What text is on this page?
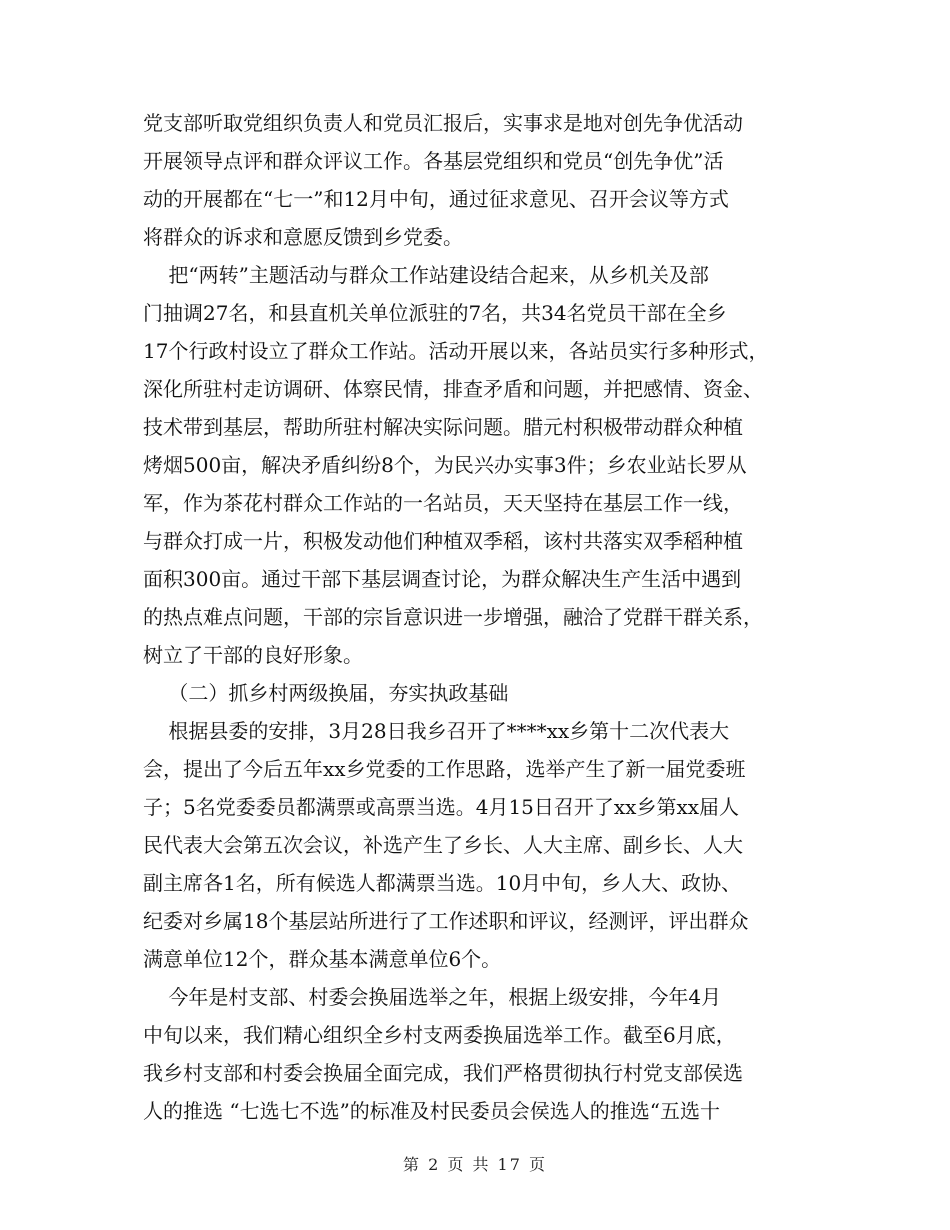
党支部听取党组织负责人和党员汇报后，实事求是地对创先争优活动
开展领导点评和群众评议工作。各基层党组织和党员“创先争优”活
动的开展都在“七一”和12月中旬，通过征求意见、召开会议等方式
将群众的诉求和意愿反馈到乡党委。
把“两转”主题活动与群众工作站建设结合起来，从乡机关及部
门抽调27名，和县直机关单位派驻的7名，共34名党员干部在全乡
17个行政村设立了群众工作站。活动开展以来，各站员实行多种形式，
深化所驻村走访调研、体察民情，排查矛盾和问题，并把感情、资金、
技术带到基层，帮助所驻村解决实际问题。腊元村积极带动群众种植
烤烟500亩，解决矛盾纠纷8个，为民兴办实事3件；乡农业站长罗从
军，作为茶花村群众工作站的一名站员，天天坚持在基层工作一线，
与群众打成一片，积极发动他们种植双季稻，该村共落实双季稻种植
面积300亩。通过干部下基层调查讨论，为群众解决生产生活中遇到
的热点难点问题，干部的宗旨意识进一步增强，融洽了党群干群关系，
树立了干部的良好形象。
（二）抓乡村两级换届，夯实执政基础
根据县委的安排，3月28日我乡召开了****xx乡第十二次代表大
会，提出了今后五年xx乡党委的工作思路，选举产生了新一届党委班
子；5名党委委员都满票或高票当选。4月15日召开了xx乡第xx届人
民代表大会第五次会议，补选产生了乡长、人大主席、副乡长、人大
副主席各1名，所有候选人都满票当选。10月中旬，乡人大、政协、
纪委对乡属18个基层站所进行了工作述职和评议，经测评，评出群众
满意单位12个，群众基本满意单位6个。
今年是村支部、村委会换届选举之年，根据上级安排，今年4月
中旬以来，我们精心组织全乡村支两委换届选举工作。截至6月底，
我乡村支部和村委会换届全面完成，我们严格贯彻执行村党支部侯选
人的推选 “七选七不选”的标准及村民委员会侯选人的推选“五选十
第 2 页 共 17 页
